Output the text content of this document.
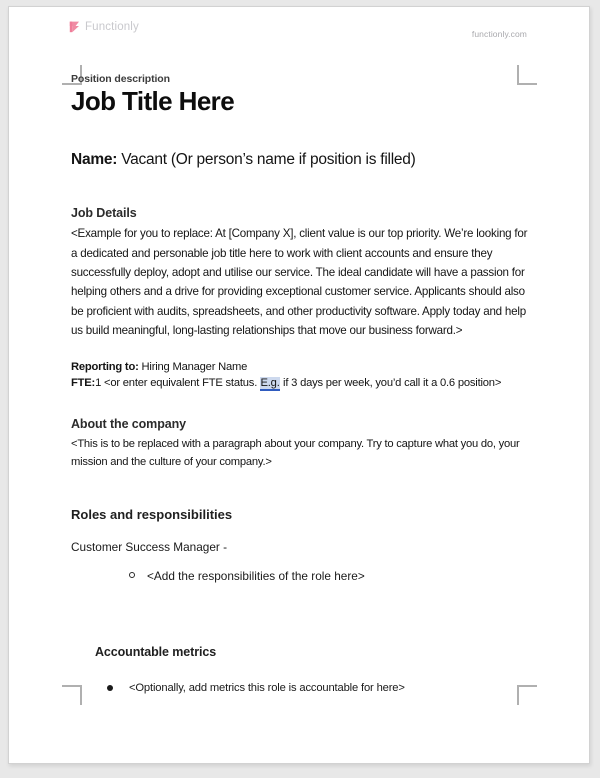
Functionly
functionly.com

Position description

Job Title Here

Name: Vacant (Or person’s name if position is filled)

Job Details

<Example for you to replace: At [Company X], client value is our top priority. We’re looking for a dedicated and personable job title here to work with client accounts and ensure they successfully deploy, adopt and utilise our service. The ideal candidate will have a passion for helping others and a drive for providing exceptional customer service. Applicants should also be proficient with audits, spreadsheets, and other productivity software. Apply today and help us build meaningful, long-lasting relationships that move our business forward.>

Reporting to: Hiring Manager Name
FTE:1 <or enter equivalent FTE status. E.g. if 3 days per week, you’d call it a 0.6 position>
About the company

<This is to be replaced with a paragraph about your company. Try to capture what you do, your mission and the culture of your company.>

Roles and responsibilities

Customer Success Manager -

<Add the responsibilities of the role here>
Accountable metrics
<Optionally, add metrics this role is accountable for here>
